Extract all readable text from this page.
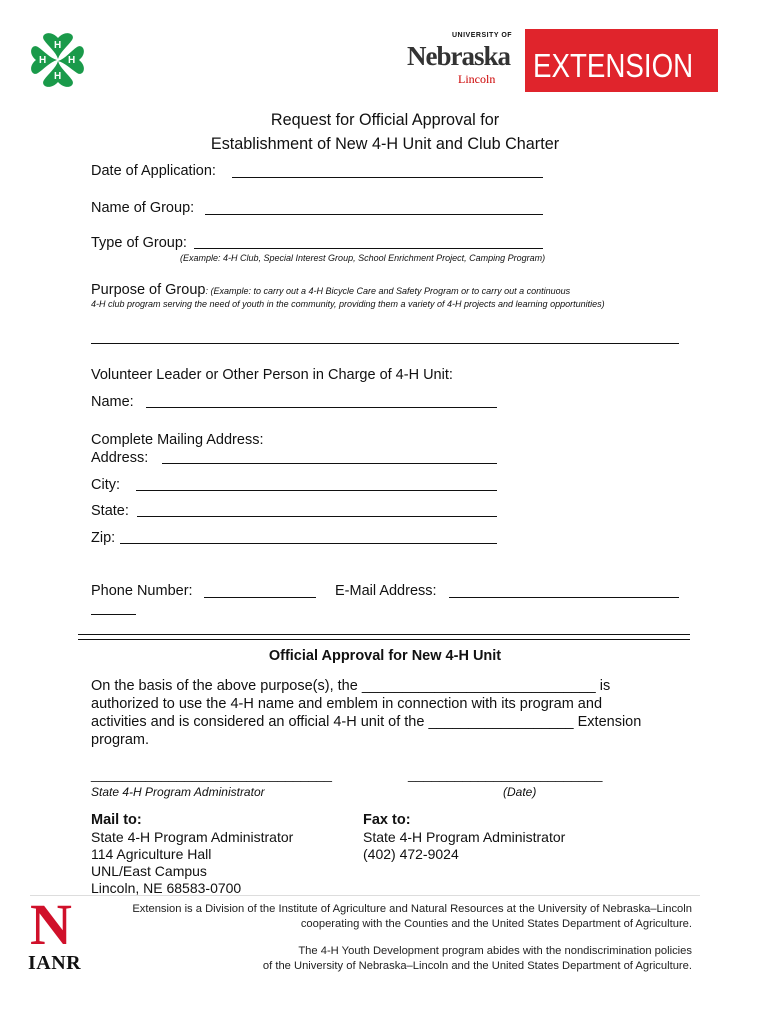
H
H
H
H
UNIVERSITY OF
Nebraska
Lincoln EXTENSION
Request for Official Approval for
Establishment of New 4-H Unit and Club Charter
Date of Application:
Name of Group:
Type of Group:
(Example: 4-H Club, Special Interest Group, School Enrichment Project, Camping Program)
Purpose of Group: (Example: to carry out a 4-H Bicycle Care and Safety Program or to carry out a continuous
4-H club program serving the need of youth in the community, providing them a variety of 4-H projects and learning opportunities)
Volunteer Leader or Other Person in Charge of 4-H Unit:
Name:
Complete Mailing Address:
Address:
City:
State:
Zip:
Phone Number:	E-Mail Address:
Official Approval for New 4-H Unit
On the basis of the above purpose(s), the _____________________________ is
authorized to use the 4-H name and emblem in connection with its program and
activities and is considered an official 4-H unit of the __________________ Extension
program.
_______________________________	_________________________
State 4-H Program Administrator	(Date)
Mail to:
State 4-H Program Administrator
114 Agriculture Hall
UNL/East Campus
Lincoln, NE 68583-0700
Fax to:
State 4-H Program Administrator
(402) 472-9024
N
IANR
Extension is a Division of the Institute of Agriculture and Natural Resources at the University of Nebraska–Lincoln
cooperating with the Counties and the United States Department of Agriculture.
The 4-H Youth Development program abides with the nondiscrimination policies
of the University of Nebraska–Lincoln and the United States Department of Agriculture.
